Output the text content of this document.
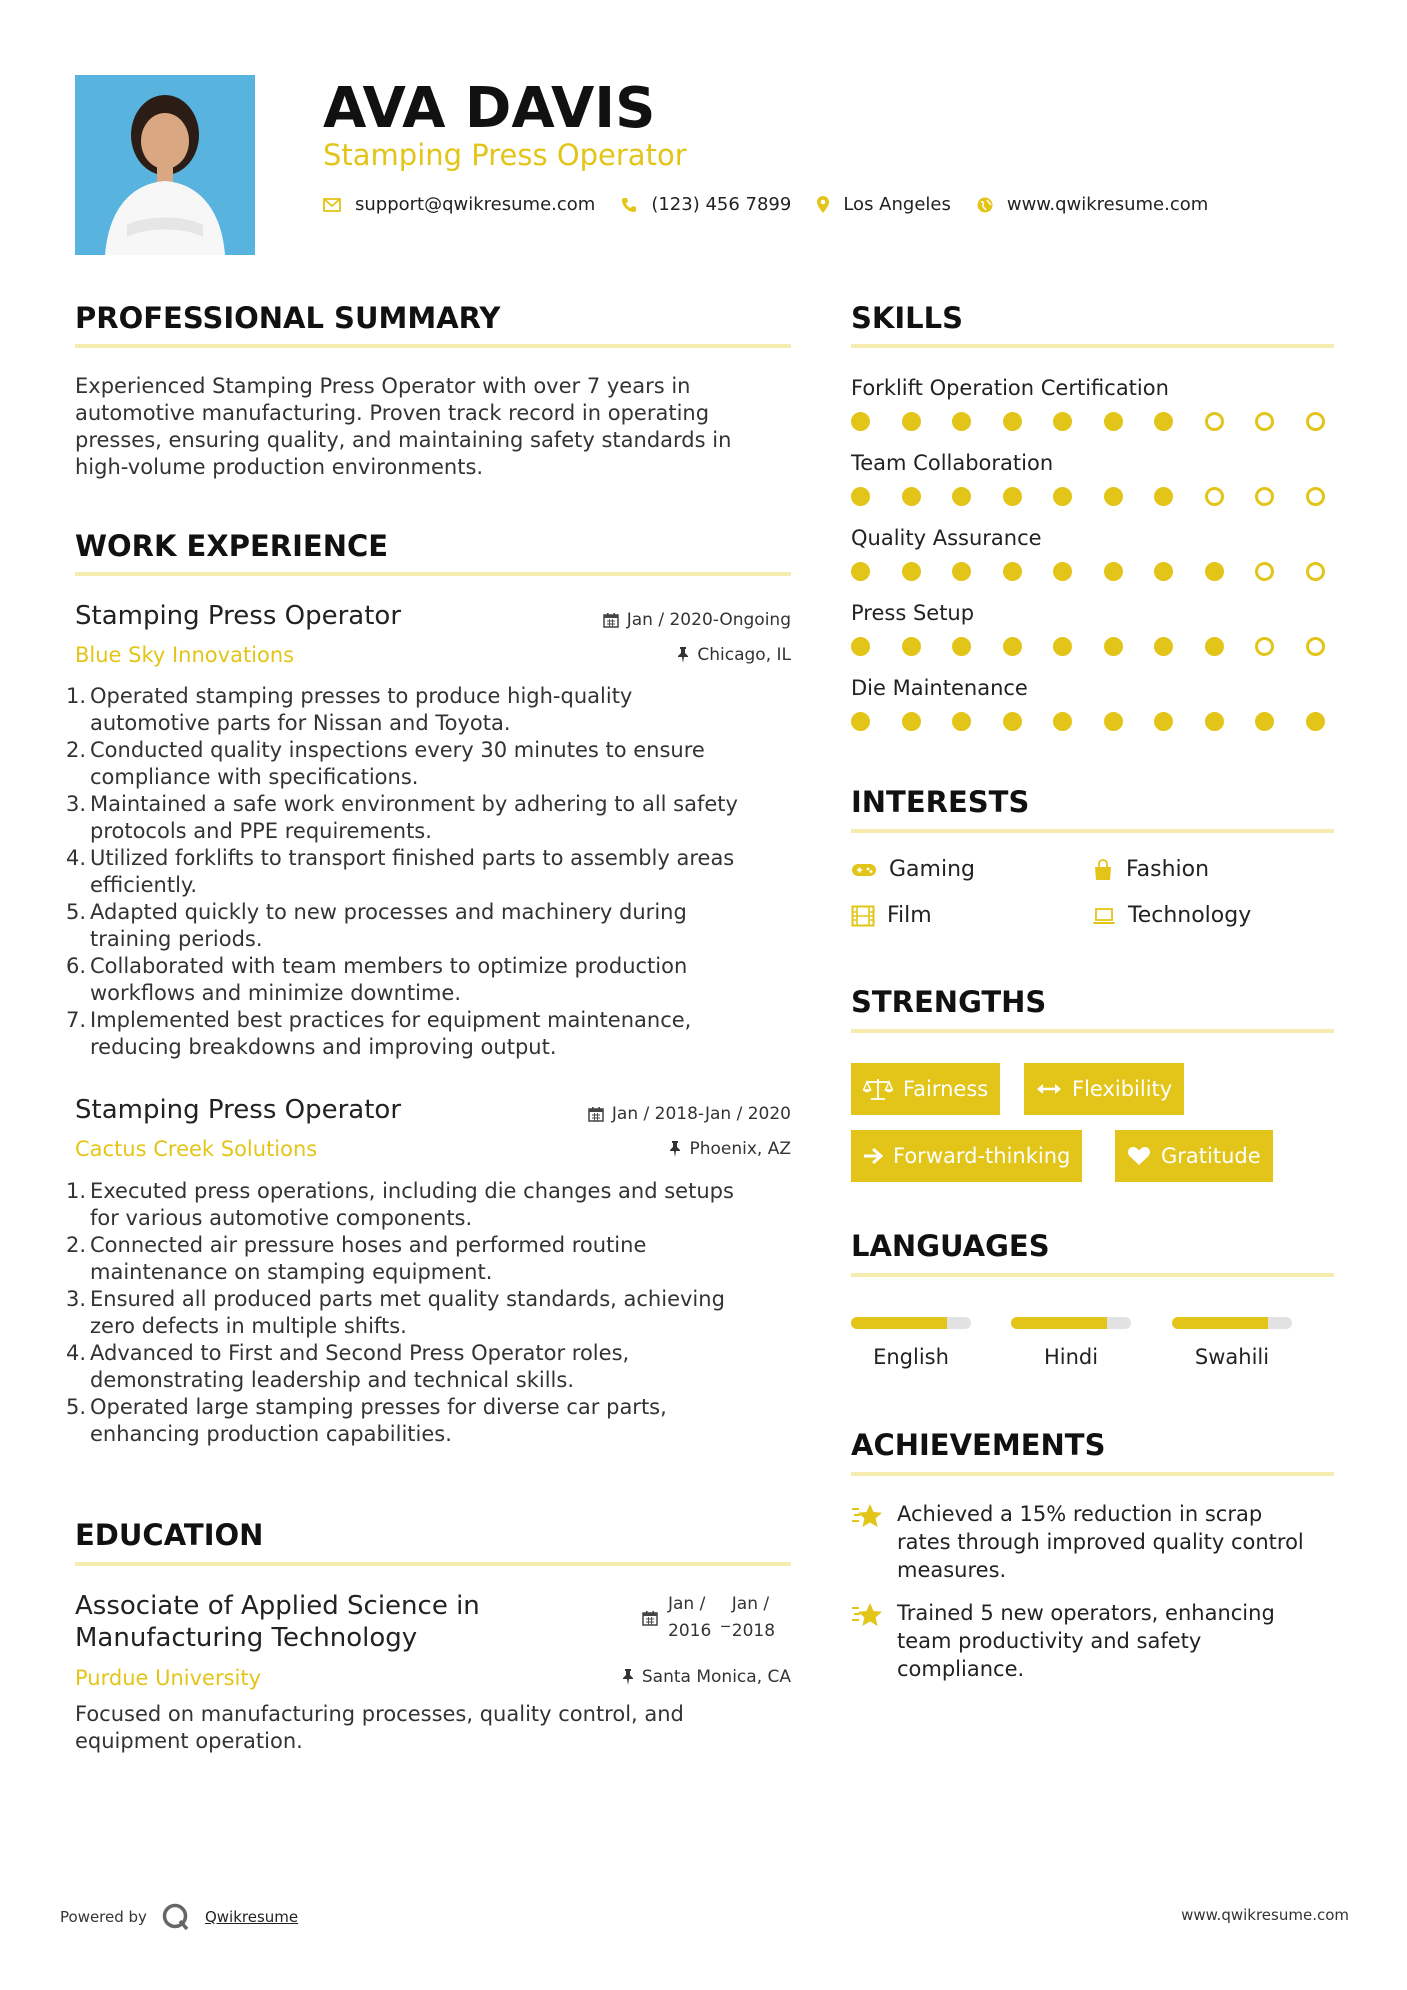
AVA DAVIS
Stamping Press Operator
support@qwikresume.com	(123) 456 7899	Los Angeles	www.qwikresume.com
PROFESSIONAL SUMMARY
Experienced Stamping Press Operator with over 7 years in
automotive manufacturing. Proven track record in operating
presses, ensuring quality, and maintaining safety standards in
high-volume production environments.
WORK EXPERIENCE
Stamping Press Operator	Jan / 2020-Ongoing
Blue Sky Innovations	Chicago, IL
1. Operated stamping presses to produce high-quality
automotive parts for Nissan and Toyota.
2. Conducted quality inspections every 30 minutes to ensure
compliance with specifications.
3. Maintained a safe work environment by adhering to all safety
protocols and PPE requirements.
4. Utilized forklifts to transport finished parts to assembly areas
efficiently.
5. Adapted quickly to new processes and machinery during
training periods.
6. Collaborated with team members to optimize production
workflows and minimize downtime.
7. Implemented best practices for equipment maintenance,
reducing breakdowns and improving output.
Stamping Press Operator	Jan / 2018-Jan / 2020
Cactus Creek Solutions	Phoenix, AZ
1. Executed press operations, including die changes and setups
for various automotive components.
2. Connected air pressure hoses and performed routine
maintenance on stamping equipment.
3. Ensured all produced parts met quality standards, achieving
zero defects in multiple shifts.
4. Advanced to First and Second Press Operator roles,
demonstrating leadership and technical skills.
5. Operated large stamping presses for diverse car parts,
enhancing production capabilities.
EDUCATION
Associate of Applied Science in
Manufacturing Technology
Jan /
2016
_
Jan /
2018
Purdue University	Santa Monica, CA
Focused on manufacturing processes, quality control, and
equipment operation.
SKILLS
Forklift Operation Certification
Team Collaboration
Quality Assurance
Press Setup
Die Maintenance
INTERESTS
Gaming	Fashion
Film	Technology
STRENGTHS
Fairness	Flexibility
Forward-thinking	Gratitude
LANGUAGES
English	Hindi	Swahili
ACHIEVEMENTS
Achieved a 15% reduction in scrap
rates through improved quality control
measures.
Trained 5 new operators, enhancing
team productivity and safety
compliance.
Powered by	Qwikresume	www.qwikresume.com
